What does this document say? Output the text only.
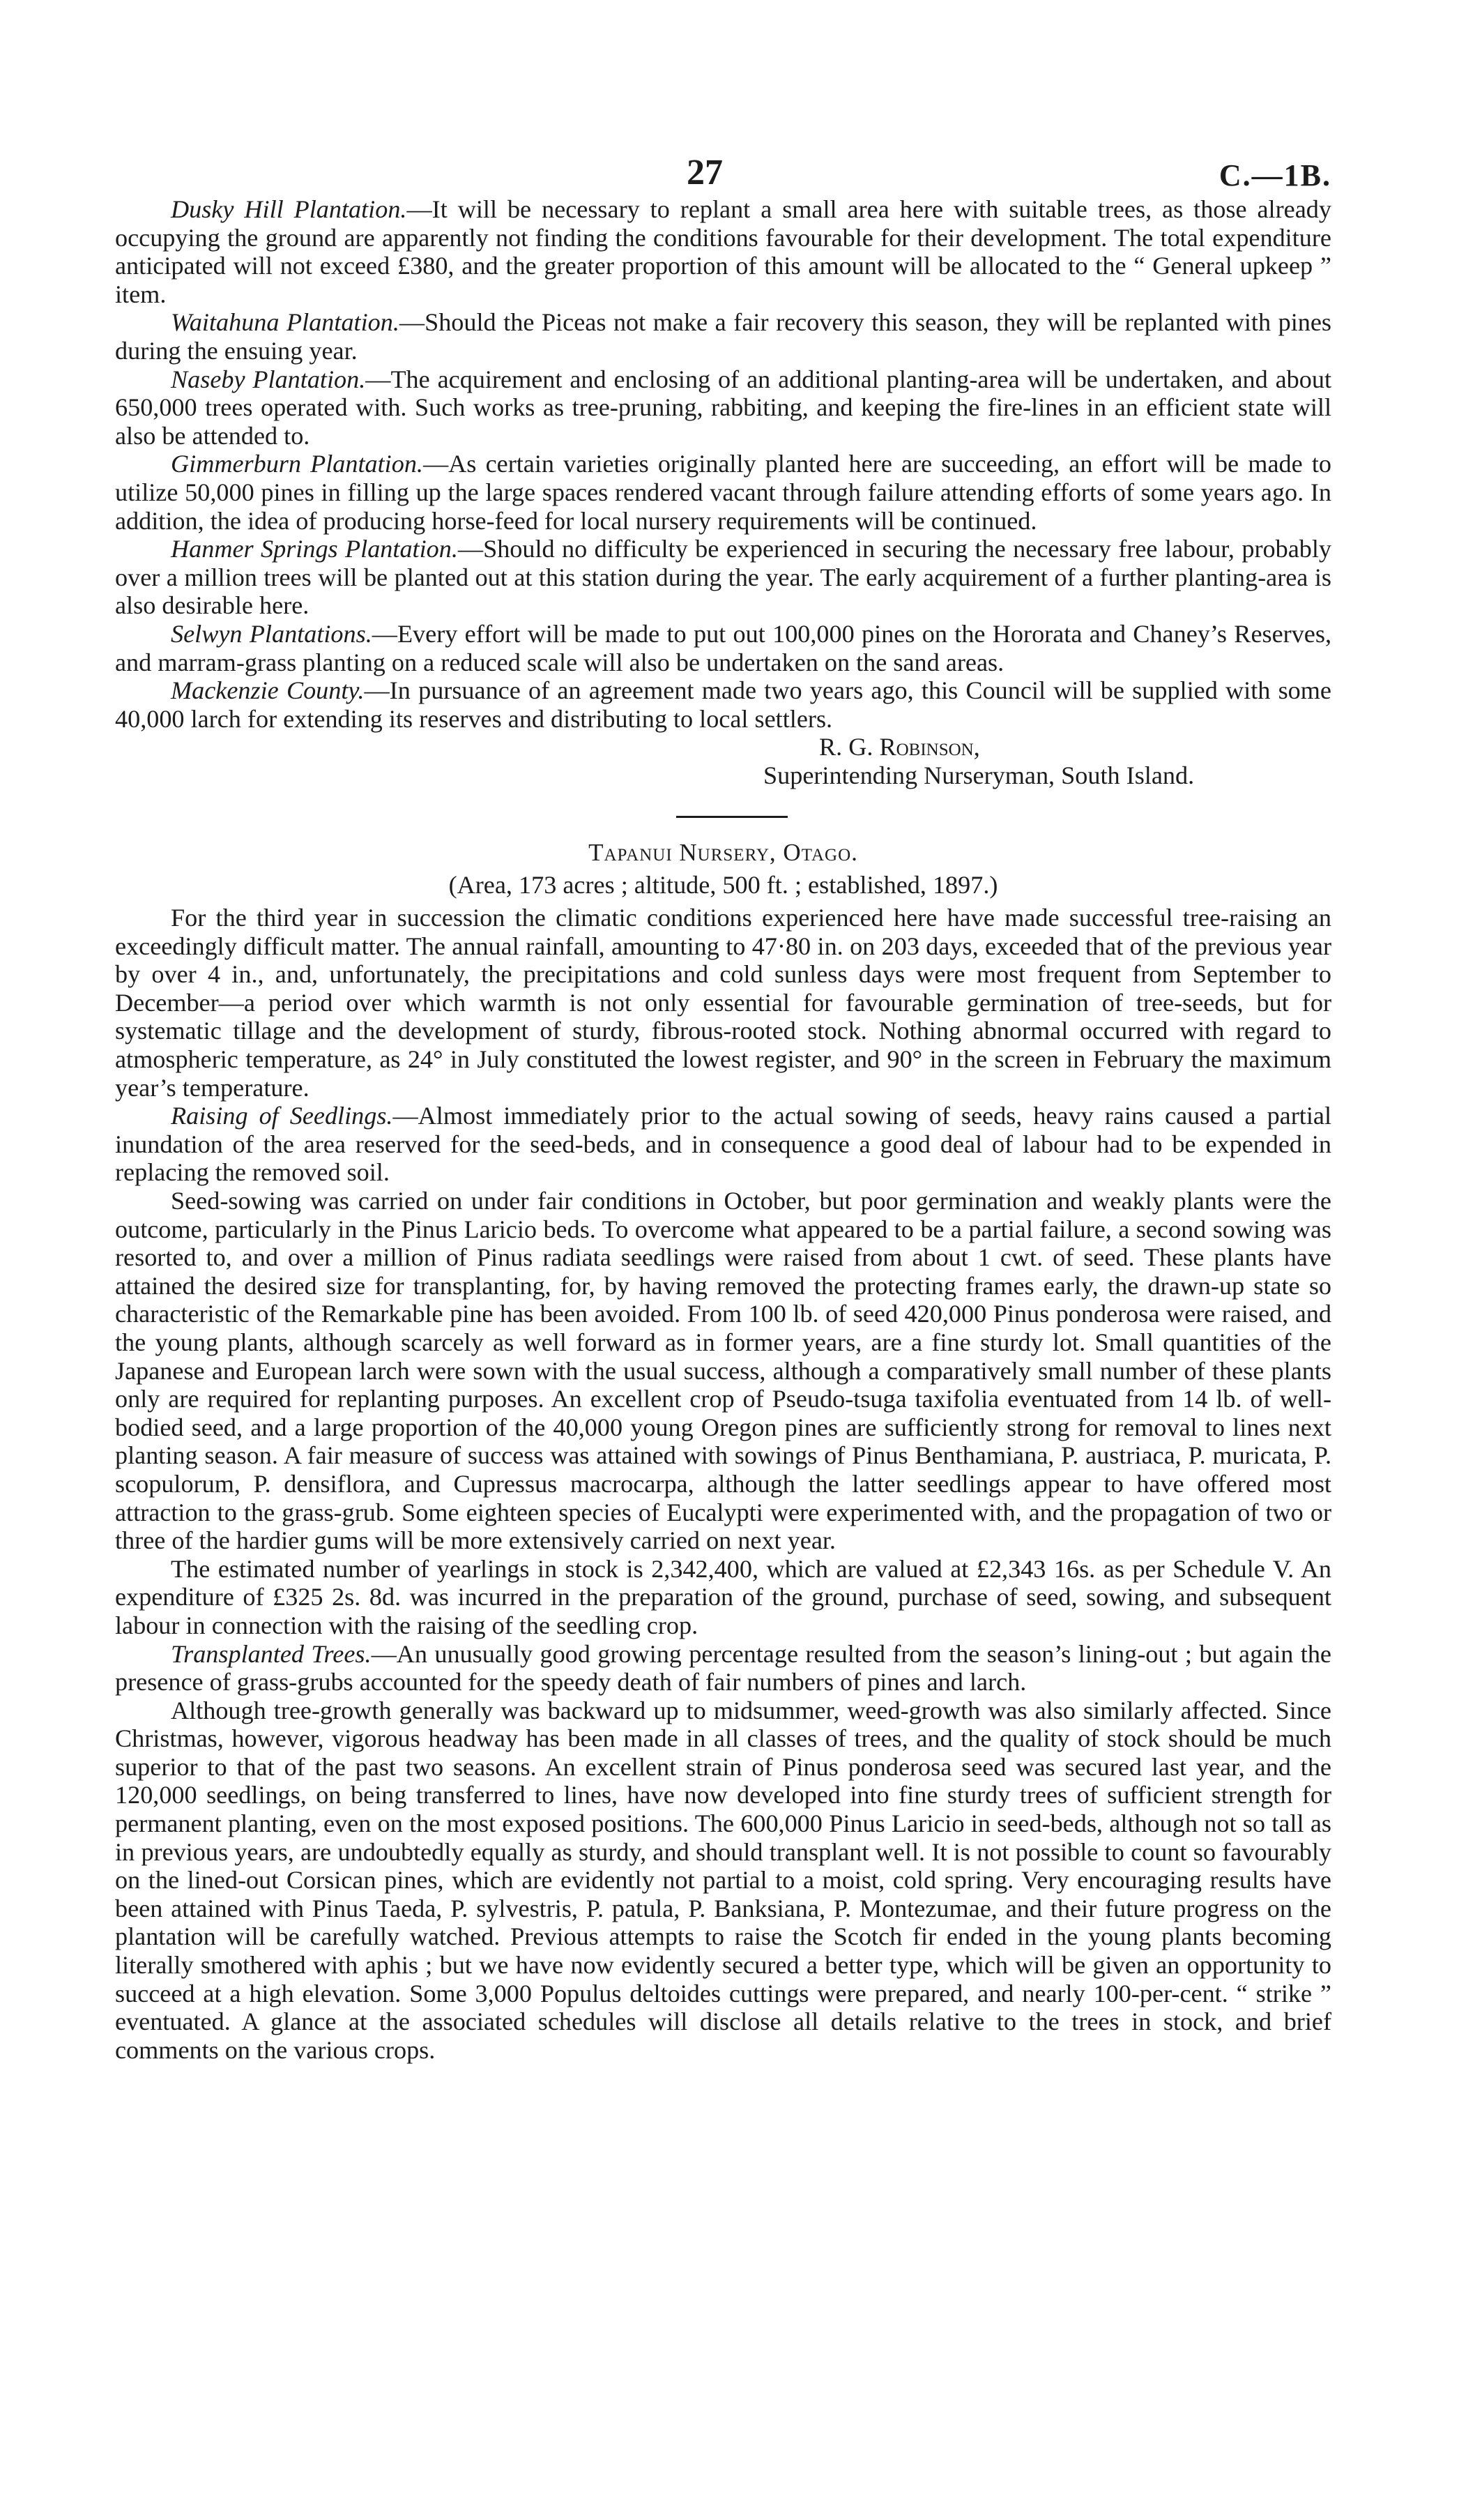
27	C.—1B.

Dusky Hill Plantation.—It will be necessary to replant a small area here with suitable trees, as those already occupying the ground are apparently not finding the conditions favourable for their development. The total expenditure anticipated will not exceed £380, and the greater proportion of this amount will be allocated to the “ General upkeep ” item.

Waitahuna Plantation.—Should the Piceas not make a fair recovery this season, they will be replanted with pines during the ensuing year.

Naseby Plantation.—The acquirement and enclosing of an additional planting-area will be undertaken, and about 650,000 trees operated with. Such works as tree-pruning, rabbiting, and keeping the fire-lines in an efficient state will also be attended to.

Gimmerburn Plantation.—As certain varieties originally planted here are succeeding, an effort will be made to utilize 50,000 pines in filling up the large spaces rendered vacant through failure attending efforts of some years ago. In addition, the idea of producing horse-feed for local nursery requirements will be continued.

Hanmer Springs Plantation.—Should no difficulty be experienced in securing the necessary free labour, probably over a million trees will be planted out at this station during the year. The early acquirement of a further planting-area is also desirable here.

Selwyn Plantations.—Every effort will be made to put out 100,000 pines on the Hororata and Chaney’s Reserves, and marram-grass planting on a reduced scale will also be undertaken on the sand areas.

Mackenzie County.—In pursuance of an agreement made two years ago, this Council will be supplied with some 40,000 larch for extending its reserves and distributing to local settlers.

R. G. Robinson,

Superintending Nurseryman, South Island.

Tapanui Nursery, Otago.

(Area, 173 acres ; altitude, 500 ft. ; established, 1897.)

For the third year in succession the climatic conditions experienced here have made successful tree-raising an exceedingly difficult matter. The annual rainfall, amounting to 47·80 in. on 203 days, exceeded that of the previous year by over 4 in., and, unfortunately, the precipitations and cold sunless days were most frequent from September to December—a period over which warmth is not only essential for favourable germination of tree-seeds, but for systematic tillage and the development of sturdy, fibrous-rooted stock. Nothing abnormal occurred with regard to atmospheric temperature, as 24° in July constituted the lowest register, and 90° in the screen in February the maximum year’s temperature.

Raising of Seedlings.—Almost immediately prior to the actual sowing of seeds, heavy rains caused a partial inundation of the area reserved for the seed-beds, and in consequence a good deal of labour had to be expended in replacing the removed soil.

Seed-sowing was carried on under fair conditions in October, but poor germination and weakly plants were the outcome, particularly in the Pinus Laricio beds. To overcome what appeared to be a partial failure, a second sowing was resorted to, and over a million of Pinus radiata seedlings were raised from about 1 cwt. of seed. These plants have attained the desired size for transplanting, for, by having removed the protecting frames early, the drawn-up state so characteristic of the Remarkable pine has been avoided. From 100 lb. of seed 420,000 Pinus ponderosa were raised, and the young plants, although scarcely as well forward as in former years, are a fine sturdy lot. Small quantities of the Japanese and European larch were sown with the usual success, although a comparatively small number of these plants only are required for replanting purposes. An excellent crop of Pseudo-tsuga taxifolia eventuated from 14 lb. of well-bodied seed, and a large proportion of the 40,000 young Oregon pines are sufficiently strong for removal to lines next planting season. A fair measure of success was attained with sowings of Pinus Benthamiana, P. austriaca, P. muricata, P. scopulorum, P. densiflora, and Cupressus macrocarpa, although the latter seedlings appear to have offered most attraction to the grass-grub. Some eighteen species of Eucalypti were experimented with, and the propagation of two or three of the hardier gums will be more extensively carried on next year.

The estimated number of yearlings in stock is 2,342,400, which are valued at £2,343 16s. as per Schedule V. An expenditure of £325 2s. 8d. was incurred in the preparation of the ground, purchase of seed, sowing, and subsequent labour in connection with the raising of the seedling crop.

Transplanted Trees.—An unusually good growing percentage resulted from the season’s lining-out ; but again the presence of grass-grubs accounted for the speedy death of fair numbers of pines and larch.

Although tree-growth generally was backward up to midsummer, weed-growth was also similarly affected. Since Christmas, however, vigorous headway has been made in all classes of trees, and the quality of stock should be much superior to that of the past two seasons. An excellent strain of Pinus ponderosa seed was secured last year, and the 120,000 seedlings, on being transferred to lines, have now developed into fine sturdy trees of sufficient strength for permanent planting, even on the most exposed positions. The 600,000 Pinus Laricio in seed-beds, although not so tall as in previous years, are undoubtedly equally as sturdy, and should transplant well. It is not possible to count so favourably on the lined-out Corsican pines, which are evidently not partial to a moist, cold spring. Very encouraging results have been attained with Pinus Taeda, P. sylvestris, P. patula, P. Banksiana, P. Montezumae, and their future progress on the plantation will be carefully watched. Previous attempts to raise the Scotch fir ended in the young plants becoming literally smothered with aphis ; but we have now evidently secured a better type, which will be given an opportunity to succeed at a high elevation. Some 3,000 Populus deltoides cuttings were prepared, and nearly 100-per-cent. “ strike ” eventuated. A glance at the associated schedules will disclose all details relative to the trees in stock, and brief comments on the various crops.
